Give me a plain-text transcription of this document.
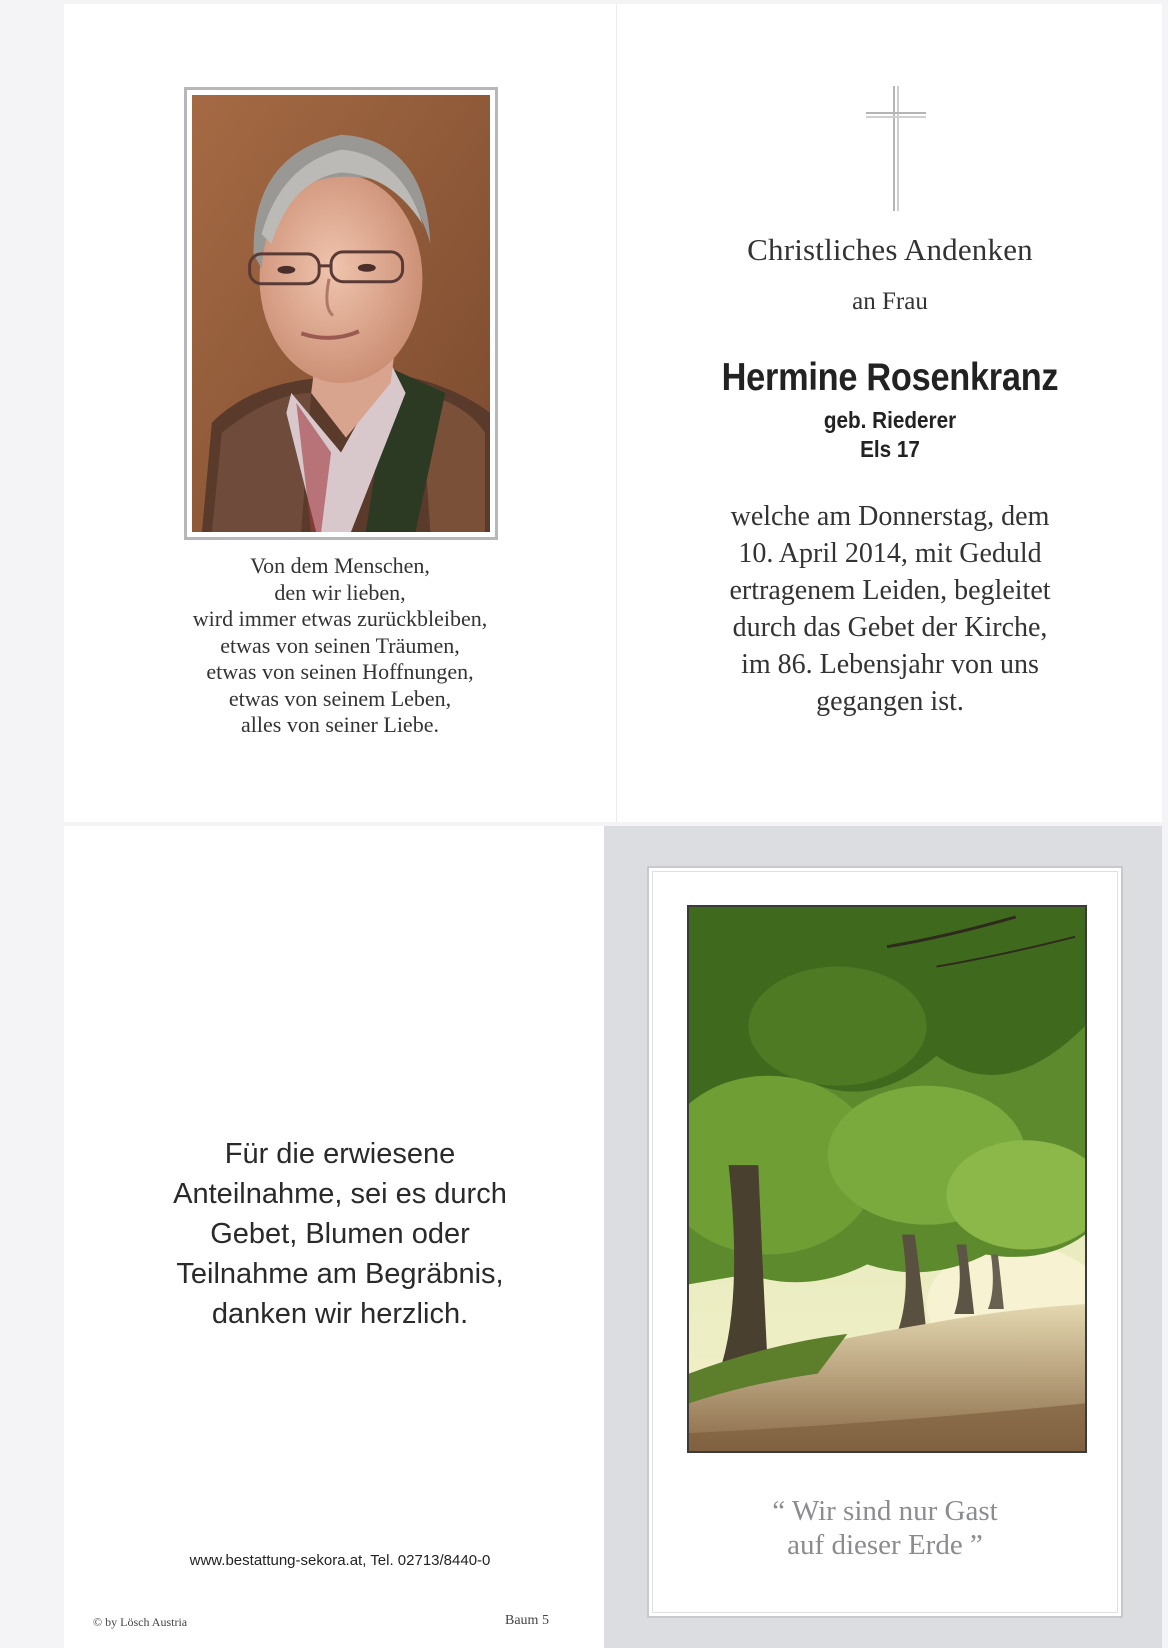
Von dem Menschen,
den wir lieben,
wird immer etwas zurückbleiben,
etwas von seinen Träumen,
etwas von seinen Hoffnungen,
etwas von seinem Leben,
alles von seiner Liebe.
Christliches Andenken
an Frau
Hermine Rosenkranz
geb. Riederer
Els 17
welche am Donnerstag, dem
10. April 2014, mit Geduld
ertragenem Leiden, begleitet
durch das Gebet der Kirche,
im 86. Lebensjahr von uns
gegangen ist.
Für die erwiesene
Anteilnahme, sei es durch
Gebet, Blumen oder
Teilnahme am Begräbnis,
danken wir herzlich.
www.bestattung-sekora.at, Tel. 02713/8440-0
© by Lösch Austria	Baum 5
“ Wir sind nur Gast
auf dieser Erde ”
